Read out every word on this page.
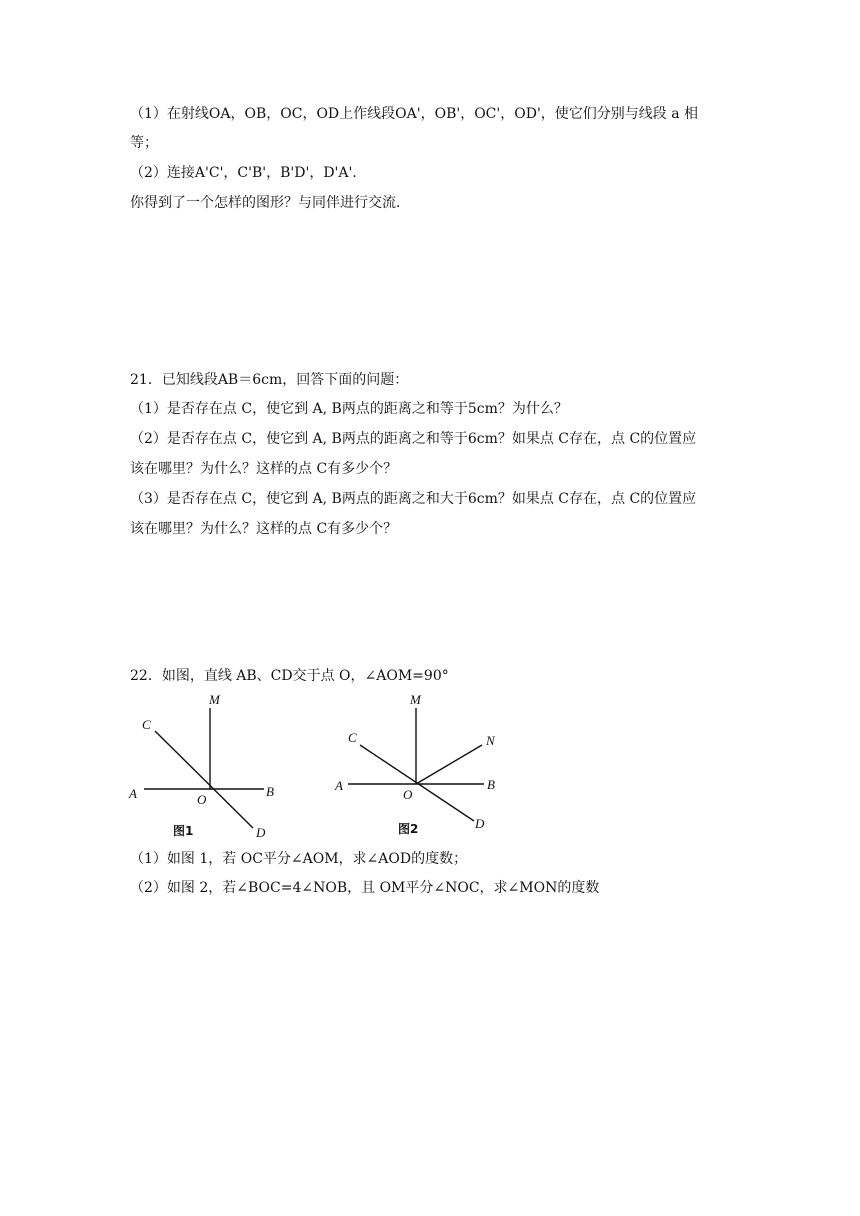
（1）在射线OA，OB，OC，OD上作线段OA'，OB'，OC'，OD'，使它们分别与线段 a 相
等；
（2）连接A'C'，C'B'，B'D'，D'A'．
你得到了一个怎样的图形？与同伴进行交流．
21．已知线段AB＝6cm，回答下面的问题：
（1）是否存在点 C，使它到 A, B两点的距离之和等于5cm？为什么？
（2）是否存在点 C，使它到 A, B两点的距离之和等于6cm？如果点 C存在，点 C的位置应
该在哪里？为什么？这样的点 C有多少个？
（3）是否存在点 C，使它到 A, B两点的距离之和大于6cm？如果点 C存在，点 C的位置应
该在哪里？为什么？这样的点 C有多少个？
22．如图，直线 AB、CD交于点 O，∠AOM=90°
M
C
A	O
B
D
图1
M
C	N
A
O
B
D
图2
（1）如图 1，若 OC平分∠AOM，求∠AOD的度数；
（2）如图 2，若∠BOC=4∠NOB，且 OM平分∠NOC，求∠MON的度数
